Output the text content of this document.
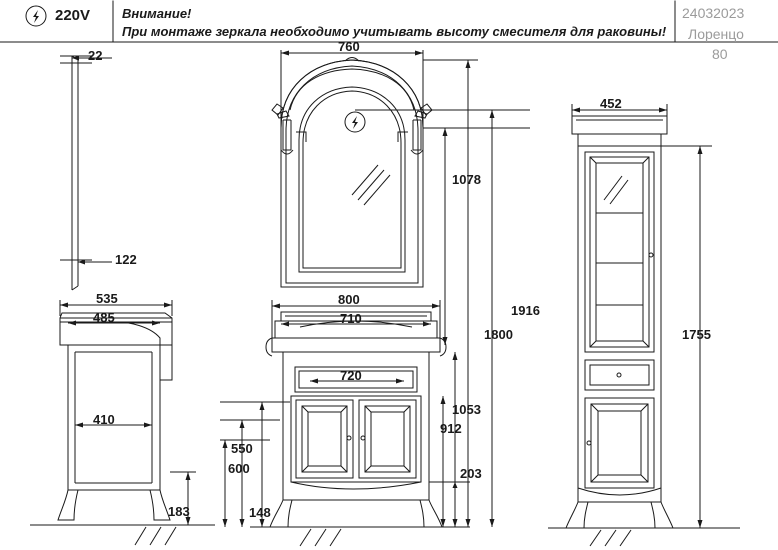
220V Внимание!
При монтаже зеркала необходимо учитывать высоту смесителя для раковины!
24032023
Лоренцо
80
22
122
535
485
410
183
760
1078
800
710
720
1916
1800
1053
912
203
148
550
600
452
1755
